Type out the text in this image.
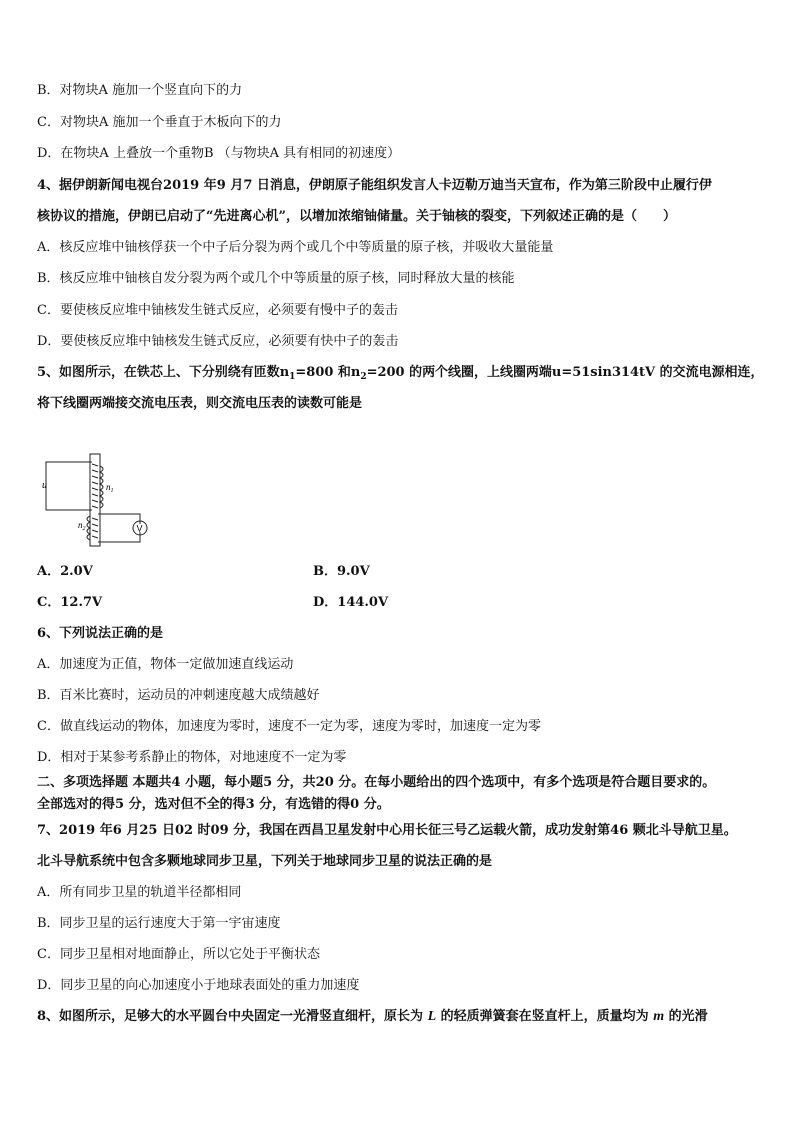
B．对物块A 施加一个竖直向下的力
C．对物块A 施加一个垂直于木板向下的力
D．在物块A 上叠放一个重物B （与物块A 具有相同的初速度）
4、据伊朗新闻电视台2019 年9 月7 日消息，伊朗原子能组织发言人卡迈勒万迪当天宣布，作为第三阶段中止履行伊
核协议的措施，伊朗已启动了“先进离心机”，以增加浓缩铀储量。关于铀核的裂变，下列叙述正确的是（　　）
A．核反应堆中铀核俘获一个中子后分裂为两个或几个中等质量的原子核，并吸收大量能量
B．核反应堆中铀核自发分裂为两个或几个中等质量的原子核，同时释放大量的核能
C．要使核反应堆中铀核发生链式反应，必须要有慢中子的轰击
D．要使核反应堆中铀核发生链式反应，必须要有快中子的轰击
5、如图所示，在铁芯上、下分别绕有匝数$n_1=800$ 和$n_2=200$ 的两个线圈，上线圈两端u=51sin314tV 的交流电源相连，
将下线圈两端接交流电压表，则交流电压表的读数可能是
u	$n_1$
$n_2$	V
A．2.0V	B．9.0V
C．12.7V	D．144.0V
6、下列说法正确的是
A．加速度为正值，物体一定做加速直线运动
B．百米比赛时，运动员的冲刺速度越大成绩越好
C．做直线运动的物体，加速度为零时，速度不一定为零，速度为零时，加速度一定为零
D．相对于某参考系静止的物体，对地速度不一定为零
二、多项选择题 本题共4 小题，每小题5 分，共20 分。在每小题给出的四个选项中，有多个选项是符合题目要求的。
全部选对的得5 分，选对但不全的得3 分，有选错的得0 分。
7、2019 年6 月25 日02 时09 分，我国在西昌卫星发射中心用长征三号乙运载火箭，成功发射第46 颗北斗导航卫星。
北斗导航系统中包含多颗地球同步卫星，下列关于地球同步卫星的说法正确的是
A．所有同步卫星的轨道半径都相同
B．同步卫星的运行速度大于第一宇宙速度
C．同步卫星相对地面静止，所以它处于平衡状态
D．同步卫星的向心加速度小于地球表面处的重力加速度
8、如图所示，足够大的水平圆台中央固定一光滑竖直细杆，原长为 L 的轻质弹簧套在竖直杆上，质量均为 m 的光滑
